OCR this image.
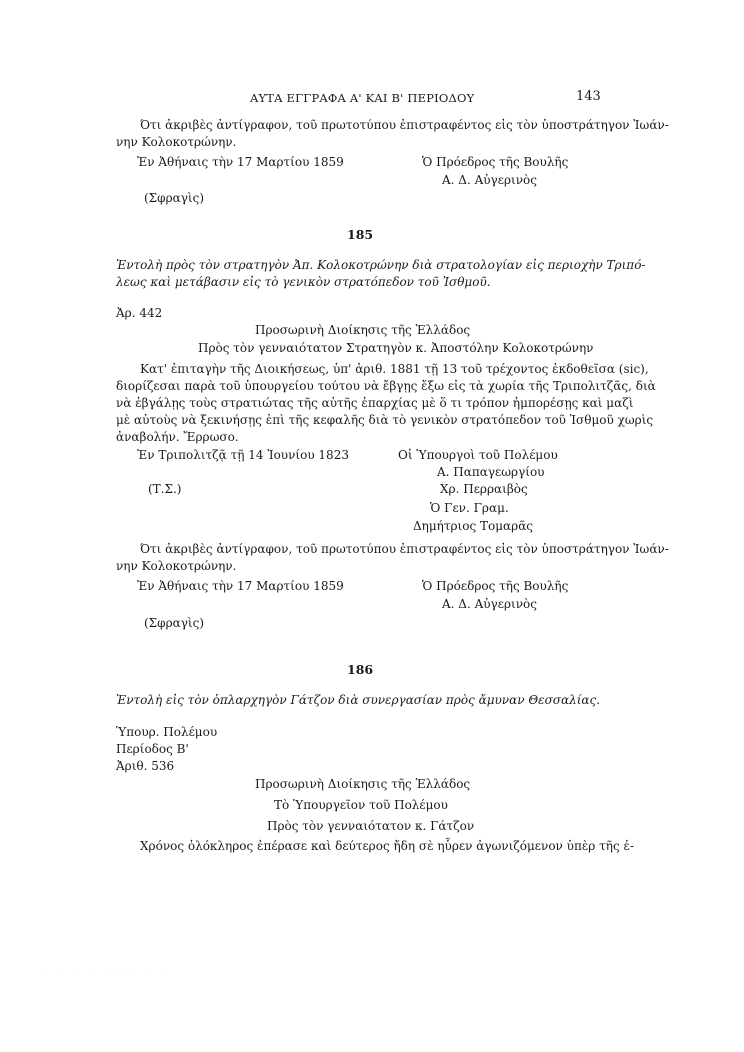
ΑΥΤΑ ΕΓΓΡΑΦΑ Α' ΚΑΙ Β' ΠΕΡΙΟΔΟΥ	143
Ότι ἀκριβὲς ἀντίγραφον, τοῦ πρωτοτύπου ἐπιστραφέντος εἰς τὸν ὑποστράτηγον Ἰωάν-
νην Κολοκοτρώνην.
Ἐν Ἀθήναις τὴν 17 Μαρτίου 1859	Ὁ Πρόεδρος τῆς Βουλῆς
Α. Δ. Αὐγερινὸς
(Σφραγὶς)
185
Ἐντολὴ πρὸς τὸν στρατηγὸν Ἀπ. Κολοκοτρώνην διὰ στρατολογίαν εἰς περιοχὴν Τριπό-
λεως καὶ μετάβασιν εἰς τὸ γενικὸν στρατόπεδον τοῦ Ἰσθμοῦ.
Ἀρ. 442
Προσωρινὴ Διοίκησις τῆς Ἑλλάδος
Πρὸς τὸν γενναιότατον Στρατηγὸν κ. Ἀποστόλην Κολοκοτρώνην
Κατ' ἐπιταγὴν τῆς Διοικήσεως, ὑπ' ἀριθ. 1881 τῇ 13 τοῦ τρέχοντος ἐκδοθεῖσα (sic),
διορίζεσαι παρὰ τοῦ ὑπουργείου τούτου νὰ ἔβγῃς ἔξω εἰς τὰ χωρία τῆς Τριπολιτζᾶς, διὰ
νὰ ἐβγάλῃς τοὺς στρατιώτας τῆς αὐτῆς ἐπαρχίας μὲ ὅ τι τρόπον ἠμπορέσῃς καὶ μαζὶ
μὲ αὐτοὺς νὰ ξεκινήσῃς ἐπὶ τῆς κεφαλῆς διὰ τὸ γενικὸν στρατόπεδον τοῦ Ἰσθμοῦ χωρὶς
ἀναβολήν. Ἔρρωσο.
Ἐν Τριπολιτζᾷ τῇ 14 Ἰουνίου 1823	Οἱ Ὑπουργοὶ τοῦ Πολέμου
Α. Παπαγεωργίου
(Τ.Σ.)	Χρ. Περραιβὸς
Ὁ Γεν. Γραμ.
Δημήτριος Τομαρᾶς
Ότι ἀκριβὲς ἀντίγραφον, τοῦ πρωτοτύπου ἐπιστραφέντος εἰς τὸν ὑποστράτηγον Ἰωάν-
νην Κολοκοτρώνην.
Ἐν Ἀθήναις τὴν 17 Μαρτίου 1859	Ὁ Πρόεδρος τῆς Βουλῆς
Α. Δ. Αὐγερινὸς
(Σφραγὶς)
186
Ἐντολὴ εἰς τὸν ὁπλαρχηγὸν Γάτζον διὰ συνεργασίαν πρὸς ἄμυναν Θεσσαλίας.
Ὑπουρ. Πολέμου
Περίοδος Β'
Ἀριθ. 536
Προσωρινὴ Διοίκησις τῆς Ἑλλάδος
Τὸ Ὑπουργεῖον τοῦ Πολέμου
Πρὸς τὸν γενναιότατον κ. Γάτζον
Χρόνος ὁλόκληρος ἐπέρασε καὶ δεύτερος ἤδη σὲ ηὗρεν ἀγωνιζόμενον ὑπὲρ τῆς ἐ-
· · · · · · · · ·
